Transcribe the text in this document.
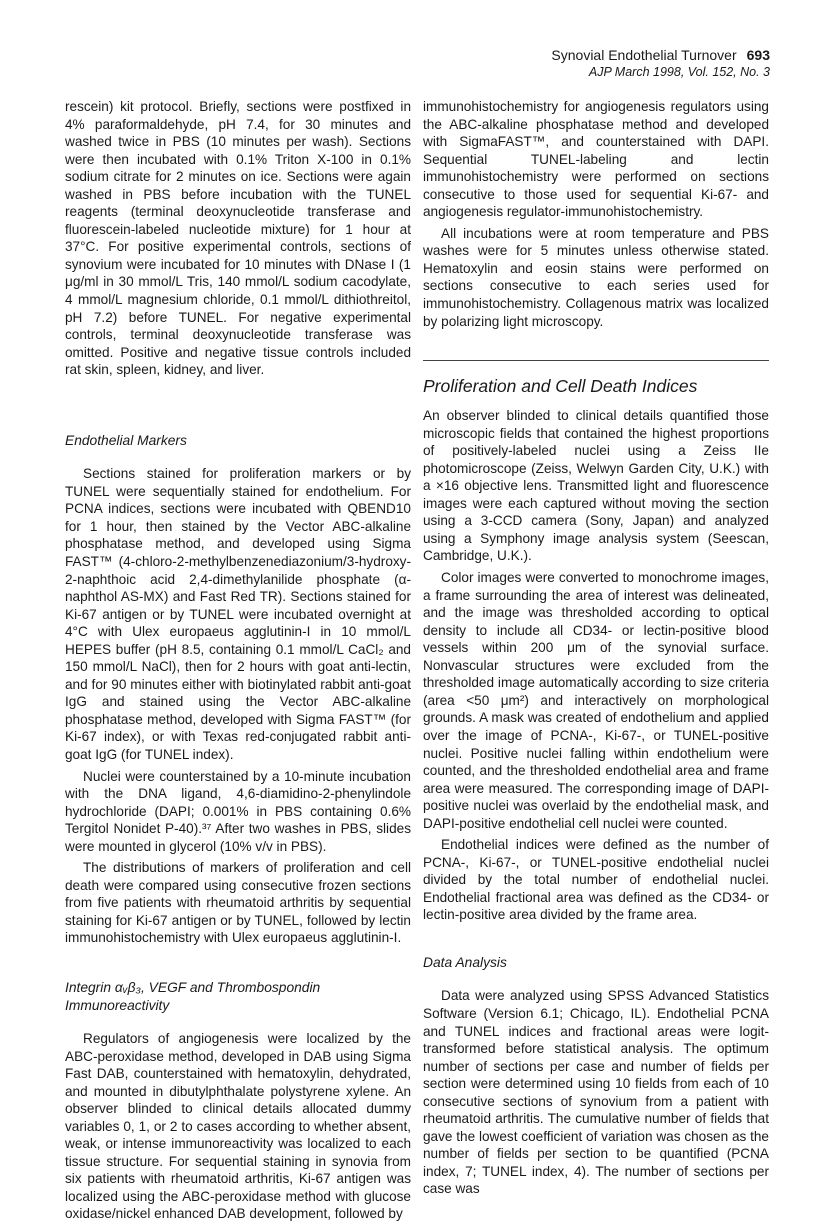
Synovial Endothelial Turnover 693
AJP March 1998, Vol. 152, No. 3

rescein) kit protocol. Briefly, sections were postfixed in 4% paraformaldehyde, pH 7.4, for 30 minutes and washed twice in PBS (10 minutes per wash). Sections were then incubated with 0.1% Triton X-100 in 0.1% sodium citrate for 2 minutes on ice. Sections were again washed in PBS before incubation with the TUNEL reagents (terminal deoxynucleotide transferase and fluorescein-labeled nucleotide mixture) for 1 hour at 37°C. For positive experimental controls, sections of synovium were incubated for 10 minutes with DNase I (1 μg/ml in 30 mmol/L Tris, 140 mmol/L sodium cacodylate, 4 mmol/L magnesium chloride, 0.1 mmol/L dithiothreitol, pH 7.2) before TUNEL. For negative experimental controls, terminal deoxynucleotide transferase was omitted. Positive and negative tissue controls included rat skin, spleen, kidney, and liver.

Endothelial Markers

Sections stained for proliferation markers or by TUNEL were sequentially stained for endothelium. For PCNA indices, sections were incubated with QBEND10 for 1 hour, then stained by the Vector ABC-alkaline phosphatase method, and developed using Sigma FAST™ (4-chloro-2-methylbenzenediazonium/3-hydroxy-2-naphthoic acid 2,4-dimethylanilide phosphate (α-naphthol AS-MX) and Fast Red TR). Sections stained for Ki-67 antigen or by TUNEL were incubated overnight at 4°C with Ulex europaeus agglutinin-I in 10 mmol/L HEPES buffer (pH 8.5, containing 0.1 mmol/L CaCl₂ and 150 mmol/L NaCl), then for 2 hours with goat anti-lectin, and for 90 minutes either with biotinylated rabbit anti-goat IgG and stained using the Vector ABC-alkaline phosphatase method, developed with Sigma FAST™ (for Ki-67 index), or with Texas red-conjugated rabbit anti-goat IgG (for TUNEL index).

Nuclei were counterstained by a 10-minute incubation with the DNA ligand, 4,6-diamidino-2-phenylindole hydrochloride (DAPI; 0.001% in PBS containing 0.6% Tergitol Nonidet P-40).³⁷ After two washes in PBS, slides were mounted in glycerol (10% v/v in PBS).

The distributions of markers of proliferation and cell death were compared using consecutive frozen sections from five patients with rheumatoid arthritis by sequential staining for Ki-67 antigen or by TUNEL, followed by lectin immunohistochemistry with Ulex europaeus agglutinin-I.

Integrin αᵥβ₃, VEGF and Thrombospondin Immunoreactivity

Regulators of angiogenesis were localized by the ABC-peroxidase method, developed in DAB using Sigma Fast DAB, counterstained with hematoxylin, dehydrated, and mounted in dibutylphthalate polystyrene xylene. An observer blinded to clinical details allocated dummy variables 0, 1, or 2 to cases according to whether absent, weak, or intense immunoreactivity was localized to each tissue structure. For sequential staining in synovia from six patients with rheumatoid arthritis, Ki-67 antigen was localized using the ABC-peroxidase method with glucose oxidase/nickel enhanced DAB development, followed by

immunohistochemistry for angiogenesis regulators using the ABC-alkaline phosphatase method and developed with SigmaFAST™, and counterstained with DAPI. Sequential TUNEL-labeling and lectin immunohistochemistry were performed on sections consecutive to those used for sequential Ki-67- and angiogenesis regulator-immunohistochemistry.

All incubations were at room temperature and PBS washes were for 5 minutes unless otherwise stated. Hematoxylin and eosin stains were performed on sections consecutive to each series used for immunohistochemistry. Collagenous matrix was localized by polarizing light microscopy.

Proliferation and Cell Death Indices

An observer blinded to clinical details quantified those microscopic fields that contained the highest proportions of positively-labeled nuclei using a Zeiss IIe photomicroscope (Zeiss, Welwyn Garden City, U.K.) with a ×16 objective lens. Transmitted light and fluorescence images were each captured without moving the section using a 3-CCD camera (Sony, Japan) and analyzed using a Symphony image analysis system (Seescan, Cambridge, U.K.).

Color images were converted to monochrome images, a frame surrounding the area of interest was delineated, and the image was thresholded according to optical density to include all CD34- or lectin-positive blood vessels within 200 μm of the synovial surface. Nonvascular structures were excluded from the thresholded image automatically according to size criteria (area <50 μm²) and interactively on morphological grounds. A mask was created of endothelium and applied over the image of PCNA-, Ki-67-, or TUNEL-positive nuclei. Positive nuclei falling within endothelium were counted, and the thresholded endothelial area and frame area were measured. The corresponding image of DAPI-positive nuclei was overlaid by the endothelial mask, and DAPI-positive endothelial cell nuclei were counted.

Endothelial indices were defined as the number of PCNA-, Ki-67-, or TUNEL-positive endothelial nuclei divided by the total number of endothelial nuclei. Endothelial fractional area was defined as the CD34- or lectin-positive area divided by the frame area.

Data Analysis

Data were analyzed using SPSS Advanced Statistics Software (Version 6.1; Chicago, IL). Endothelial PCNA and TUNEL indices and fractional areas were logit-transformed before statistical analysis. The optimum number of sections per case and number of fields per section were determined using 10 fields from each of 10 consecutive sections of synovium from a patient with rheumatoid arthritis. The cumulative number of fields that gave the lowest coefficient of variation was chosen as the number of fields per section to be quantified (PCNA index, 7; TUNEL index, 4). The number of sections per case was
